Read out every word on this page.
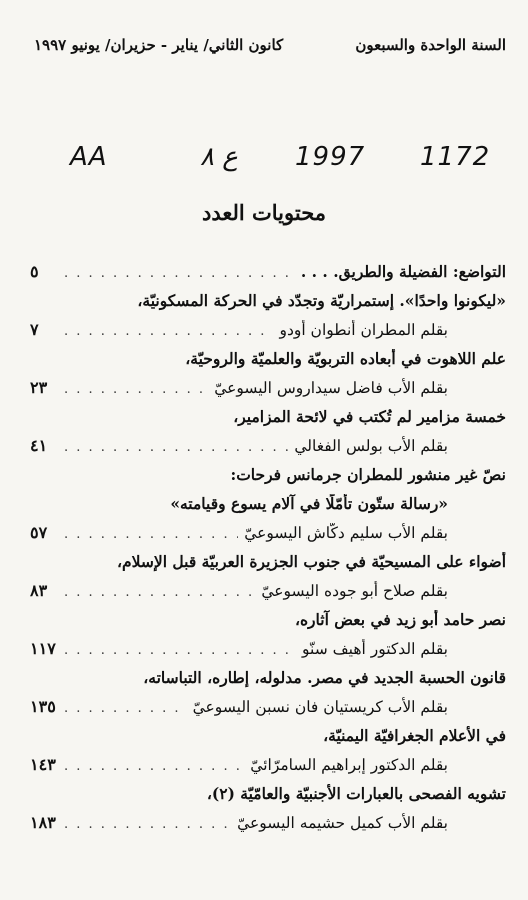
السنة الواحدة والسبعون
كانون الثاني/ يناير - حزيران/ يونيو ١٩٩٧
AA	ع ٨ 1997 1172
محتويات العدد
التواضع: الفضيلة والطريق. . . .
. . .
٥
«ليكونوا واحدًا». إستمراريّة وتجدّد في الحركة المسكونيّة،
بقلم المطران أنطوان أودو
. . .
٧
علم اللاهوت في أبعاده التربويّة والعلميّة والروحيّة،
بقلم الأب فاضل سيداروس اليسوعيّ
. . .
٢٣
خمسة مزامير لم تُكتب في لائحة المزامير،
بقلم الأب بولس الفغالي
. . .
٤١
نصّ غير منشور للمطران جرمانس فرحات:
«رسالة ستّون تأمّلًا في آلام يسوع وقيامته»
بقلم الأب سليم دكّاش اليسوعيّ
. . .
٥٧
أضواء على المسيحيّة في جنوب الجزيرة العربيّة قبل الإسلام،
بقلم صلاح أبو جوده اليسوعيّ
. . .
٨٣
نصر حامد أبو زيد في بعض آثاره،
بقلم الدكتور أهيف سنّو
. . .
١١٧
قانون الحسبة الجديد في مصر. مدلوله، إطاره، التباساته،
بقلم الأب كريستيان فان نسبن اليسوعيّ
. . .
١٣٥
في الأعلام الجغرافيّة اليمنيّة،
بقلم الدكتور إبراهيم السامرّائيّ
. . .
١٤٣
تشويه الفصحى بالعبارات الأجنبيّة والعامّيّة (٢)،
بقلم الأب كميل حشيمه اليسوعيّ
. . .
١٨٣
